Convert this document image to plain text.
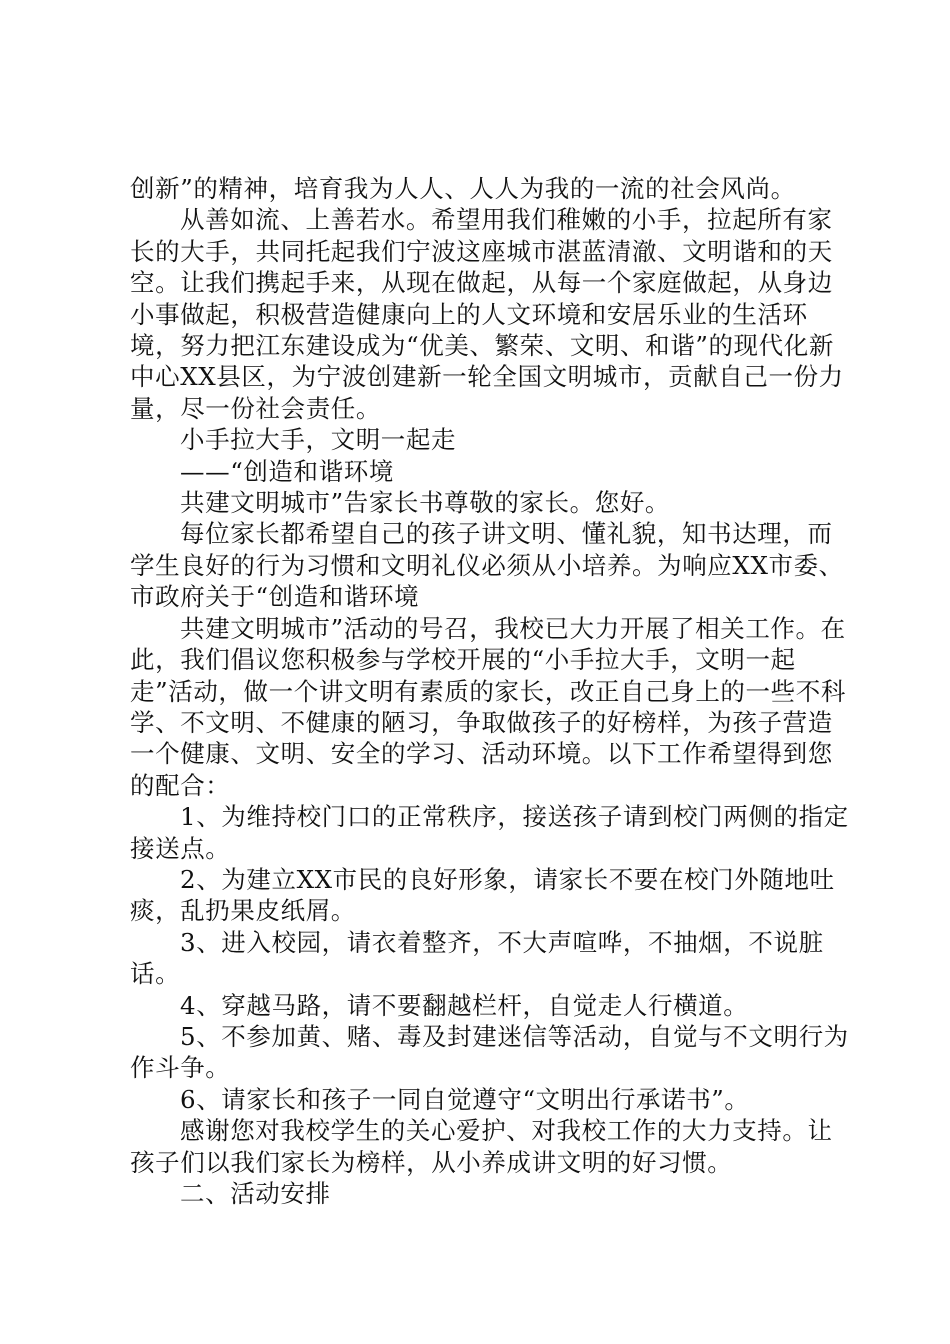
创新”的精神，培育我为人人、人人为我的一流的社会风尚。

从善如流、上善若水。希望用我们稚嫩的小手，拉起所有家长的大手，共同托起我们宁波这座城市湛蓝清澈、文明谐和的天空。让我们携起手来，从现在做起，从每一个家庭做起，从身边小事做起，积极营造健康向上的人文环境和安居乐业的生活环境，努力把江东建设成为“优美、繁荣、文明、和谐”的现代化新中心XX县区，为宁波创建新一轮全国文明城市，贡献自己一份力量，尽一份社会责任。

小手拉大手，文明一起走

——“创造和谐环境

共建文明城市”告家长书尊敬的家长。您好。

每位家长都希望自己的孩子讲文明、懂礼貌，知书达理，而学生良好的行为习惯和文明礼仪必须从小培养。为响应XX市委、市政府关于“创造和谐环境

共建文明城市”活动的号召，我校已大力开展了相关工作。在此，我们倡议您积极参与学校开展的“小手拉大手，文明一起走”活动，做一个讲文明有素质的家长，改正自己身上的一些不科学、不文明、不健康的陋习，争取做孩子的好榜样，为孩子营造一个健康、文明、安全的学习、活动环境。以下工作希望得到您的配合：

1、为维持校门口的正常秩序，接送孩子请到校门两侧的指定接送点。

2、为建立XX市民的良好形象，请家长不要在校门外随地吐痰，乱扔果皮纸屑。

3、进入校园，请衣着整齐，不大声喧哗，不抽烟，不说脏话。

4、穿越马路，请不要翻越栏杆，自觉走人行横道。

5、不参加黄、赌、毒及封建迷信等活动，自觉与不文明行为作斗争。

6、请家长和孩子一同自觉遵守“文明出行承诺书”。

感谢您对我校学生的关心爱护、对我校工作的大力支持。让孩子们以我们家长为榜样，从小养成讲文明的好习惯。

二、活动安排
